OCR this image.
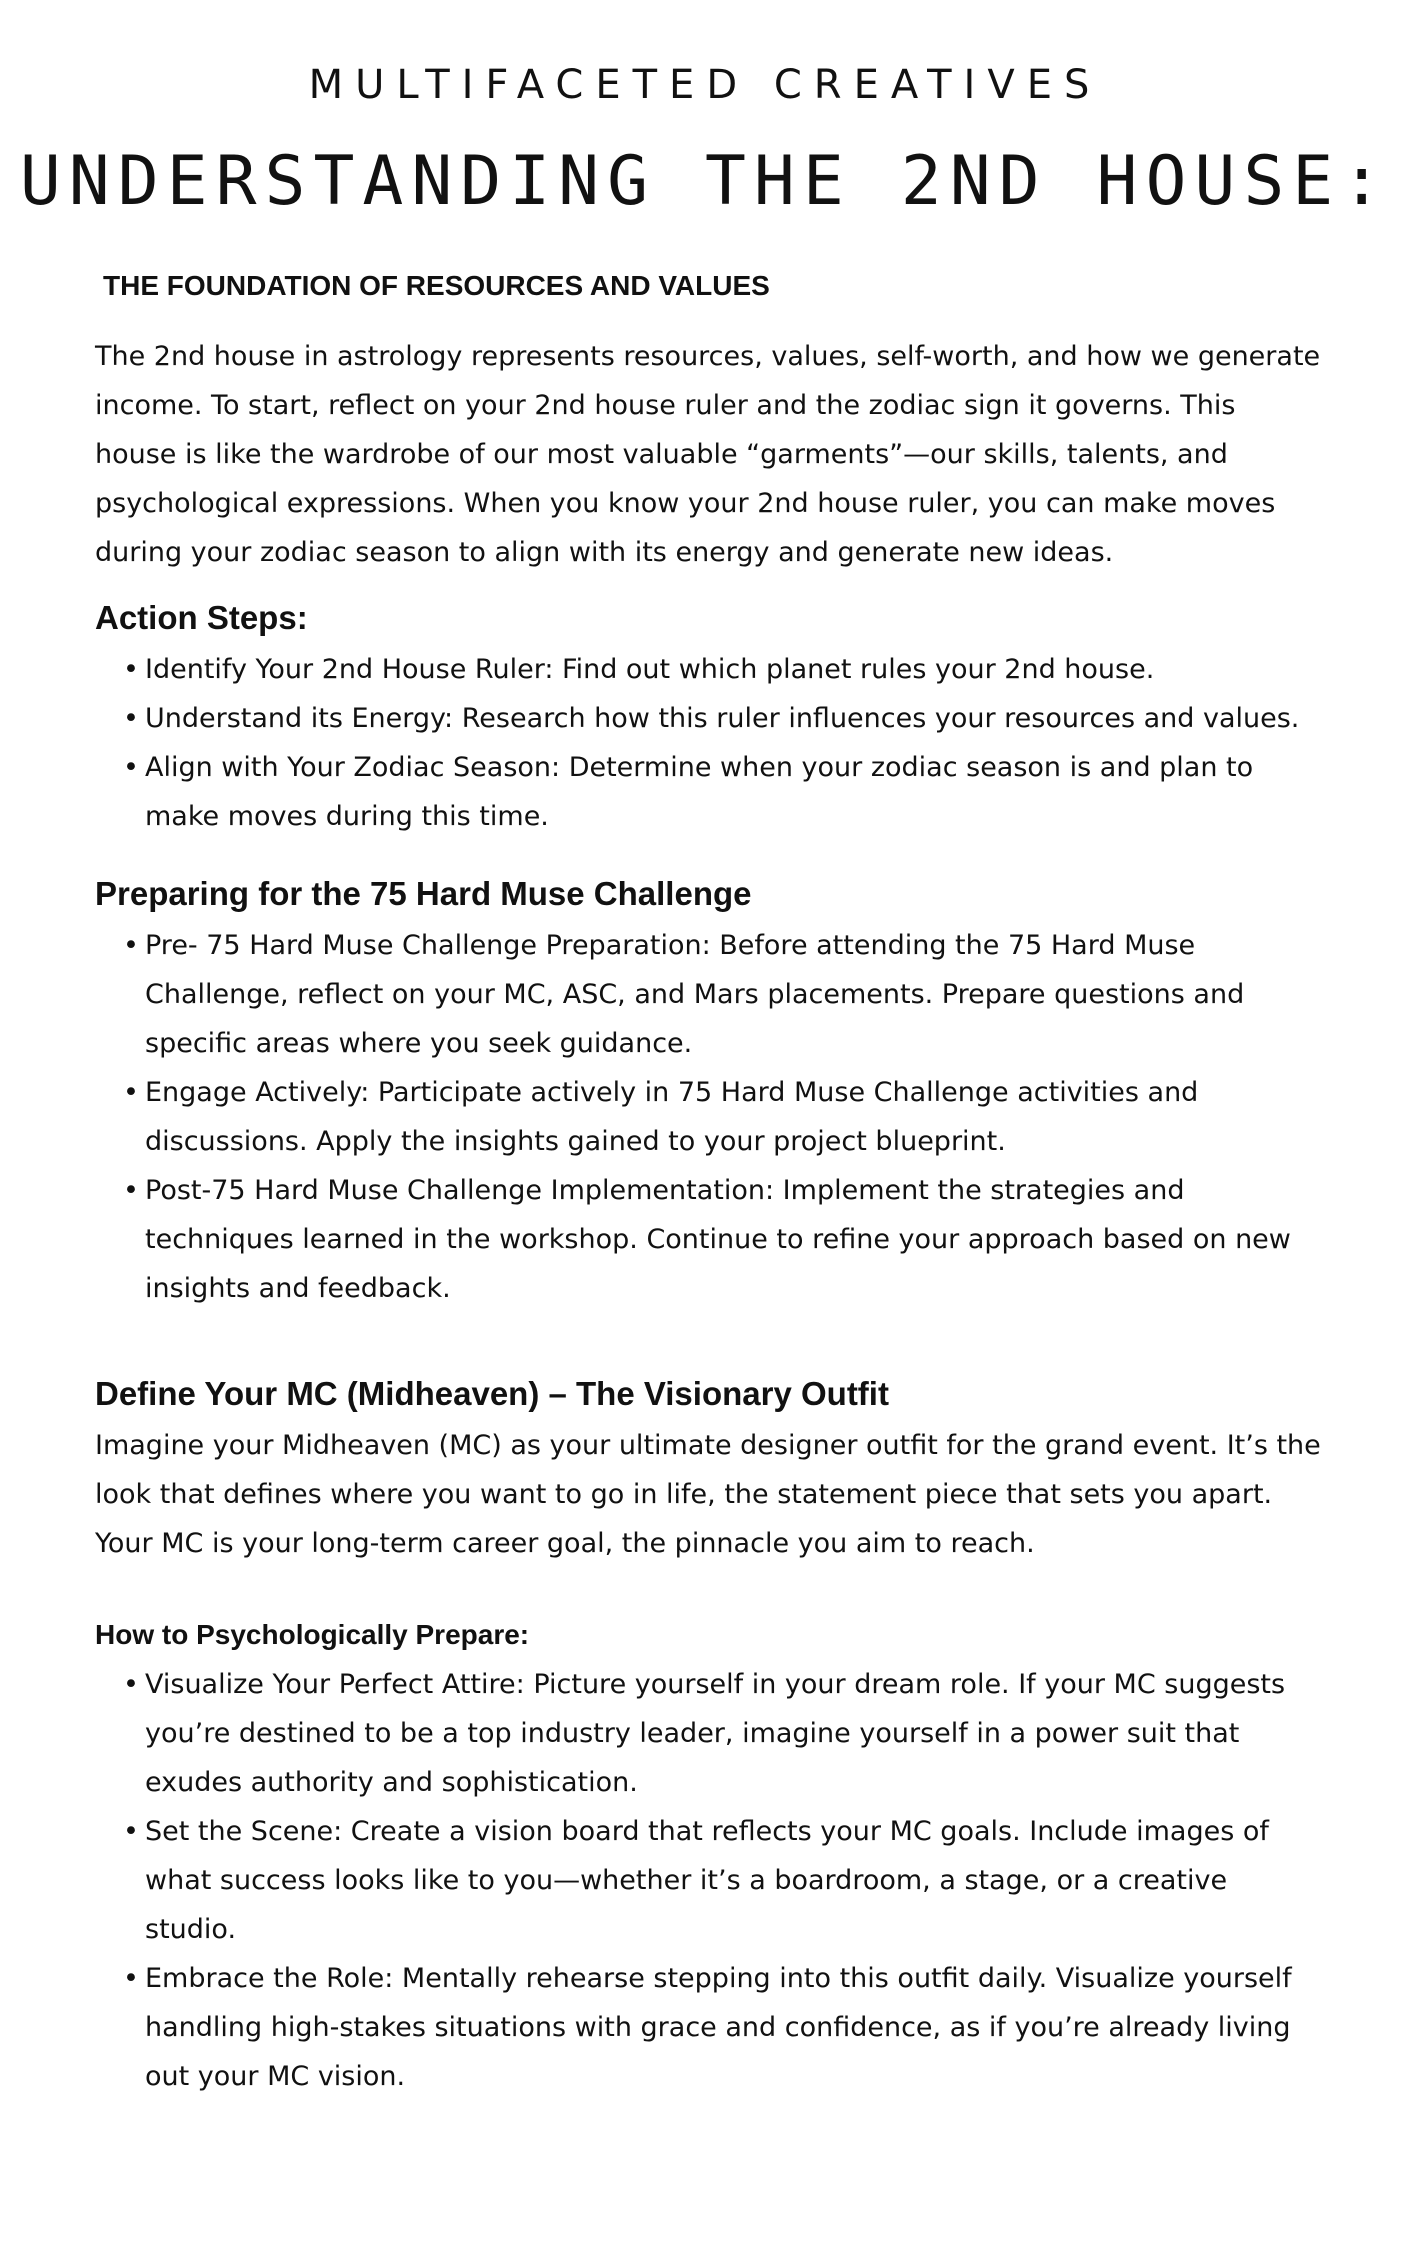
MULTIFACETED CREATIVES
UNDERSTANDING THE 2ND HOUSE:
THE FOUNDATION OF RESOURCES AND VALUES

The 2nd house in astrology represents resources, values, self-worth, and how we generate income. To start, reflect on your 2nd house ruler and the zodiac sign it governs. This house is like the wardrobe of our most valuable “garments”—our skills, talents, and psychological expressions. When you know your 2nd house ruler, you can make moves during your zodiac season to align with its energy and generate new ideas.

Action Steps:
• Identify Your 2nd House Ruler: Find out which planet rules your 2nd house.
• Understand its Energy: Research how this ruler influences your resources and values.
• Align with Your Zodiac Season: Determine when your zodiac season is and plan to make moves during this time.
Preparing for the 75 Hard Muse Challenge
• Pre- 75 Hard Muse Challenge Preparation: Before attending the 75 Hard Muse Challenge, reflect on your MC, ASC, and Mars placements. Prepare questions and specific areas where you seek guidance.
• Engage Actively: Participate actively in 75 Hard Muse Challenge activities and discussions. Apply the insights gained to your project blueprint.
• Post-75 Hard Muse Challenge Implementation: Implement the strategies and techniques learned in the workshop. Continue to refine your approach based on new insights and feedback.
Define Your MC (Midheaven) – The Visionary Outfit

Imagine your Midheaven (MC) as your ultimate designer outfit for the grand event. It’s the look that defines where you want to go in life, the statement piece that sets you apart. Your MC is your long-term career goal, the pinnacle you aim to reach.

How to Psychologically Prepare:
• Visualize Your Perfect Attire: Picture yourself in your dream role. If your MC suggests you’re destined to be a top industry leader, imagine yourself in a power suit that exudes authority and sophistication.
• Set the Scene: Create a vision board that reflects your MC goals. Include images of what success looks like to you—whether it’s a boardroom, a stage, or a creative studio.
• Embrace the Role: Mentally rehearse stepping into this outfit daily. Visualize yourself handling high-stakes situations with grace and confidence, as if you’re already living out your MC vision.
